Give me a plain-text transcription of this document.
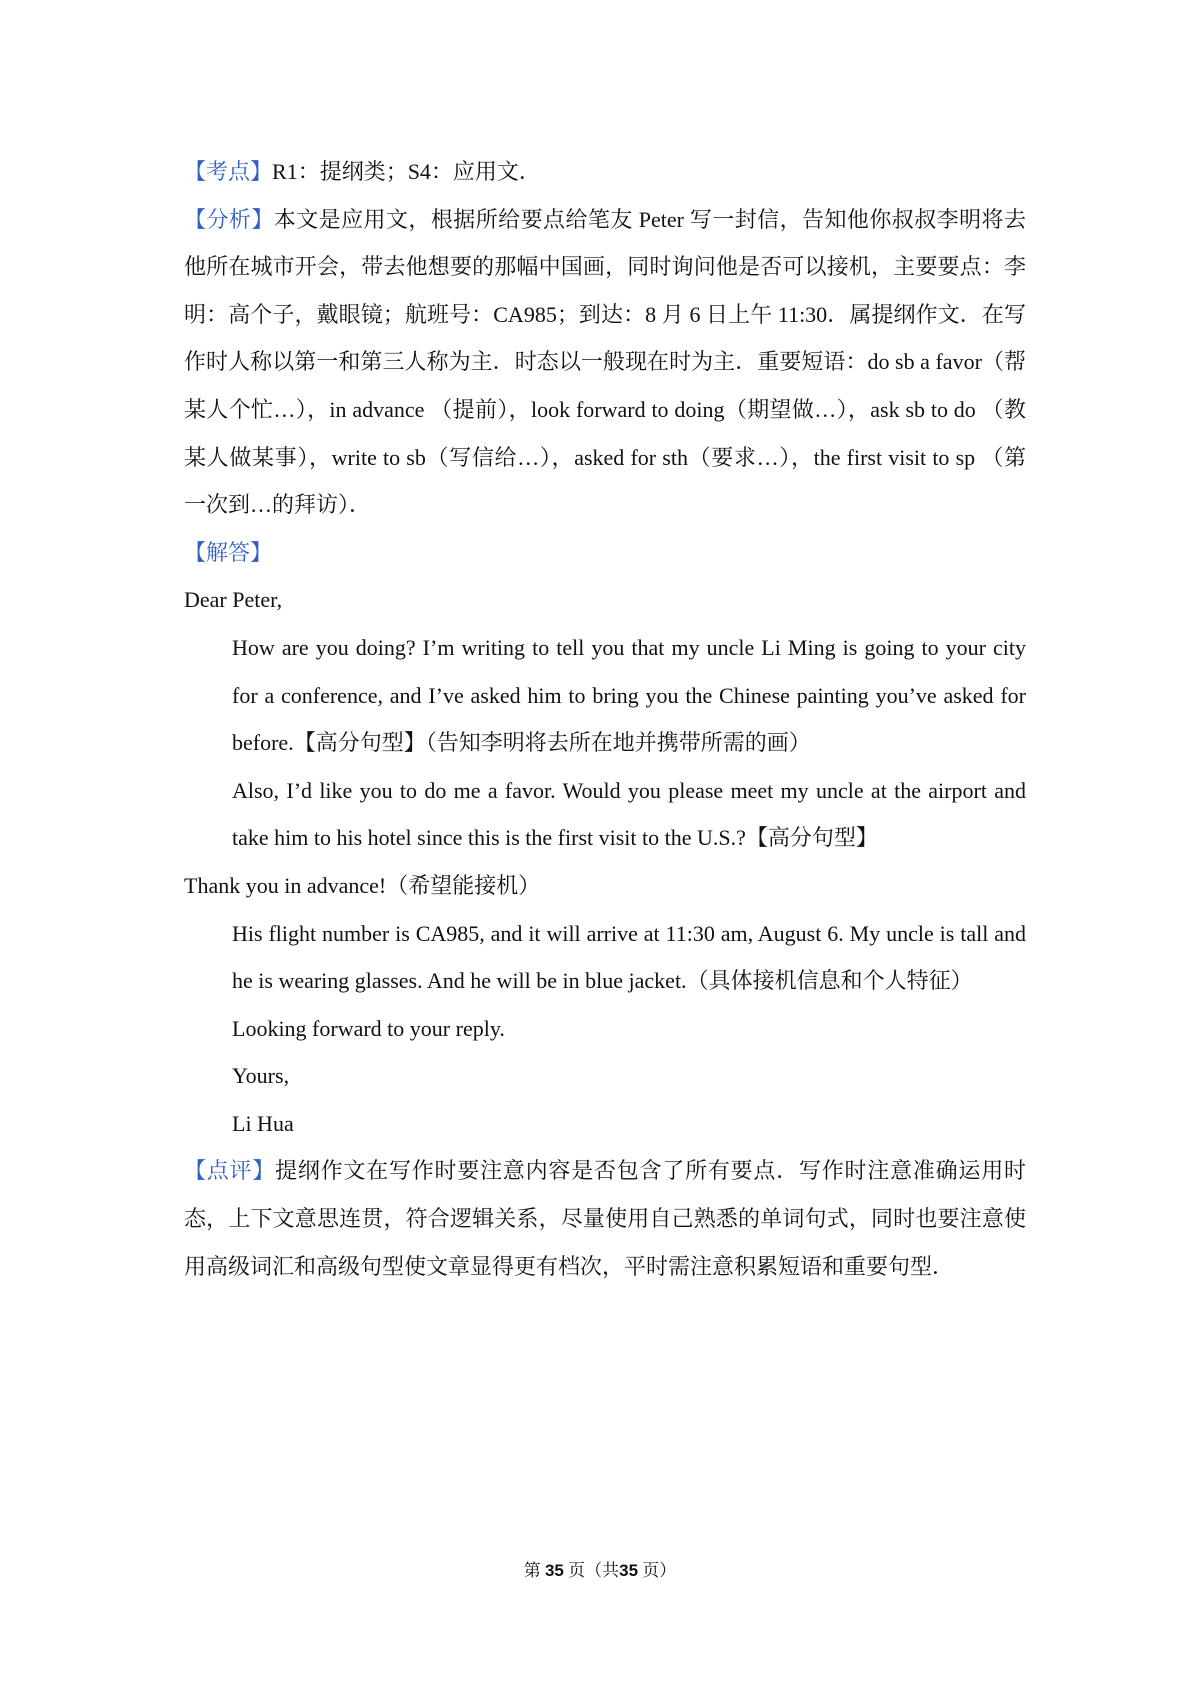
【考点】R1：提纲类；S4：应用文．

【分析】本文是应用文，根据所给要点给笔友 Peter 写一封信，告知他你叔叔李明将去他所在城市开会，带去他想要的那幅中国画，同时询问他是否可以接机，主要要点：李明：高个子，戴眼镜；航班号：CA985；到达：8 月 6 日上午 11:30．属提纲作文．在写作时人称以第一和第三人称为主．时态以一般现在时为主．重要短语：do sb a favor（帮某人个忙…），in advance （提前），look forward to doing（期望做…），ask sb to do （教某人做某事），write to sb（写信给…），asked for sth（要求…），the first visit to sp （第一次到…的拜访）．

【解答】

Dear Peter,

How are you doing? I’m writing to tell you that my uncle Li Ming is going to your city for a conference, and I’ve asked him to bring you the Chinese painting you’ve asked for before.【高分句型】（告知李明将去所在地并携带所需的画）

Also, I’d like you to do me a favor. Would you please meet my uncle at the airport and take him to his hotel since this is the first visit to the U.S.?【高分句型】
Thank you in advance!（希望能接机）

His flight number is CA985, and it will arrive at 11:30 am, August 6. My uncle is tall and he is wearing glasses. And he will be in blue jacket.（具体接机信息和个人特征）

Looking forward to your reply.

Yours,

Li Hua

【点评】提纲作文在写作时要注意内容是否包含了所有要点．写作时注意准确运用时态，上下文意思连贯，符合逻辑关系，尽量使用自己熟悉的单词句式，同时也要注意使用高级词汇和高级句型使文章显得更有档次，平时需注意积累短语和重要句型．

第 35 页（共35 页）
